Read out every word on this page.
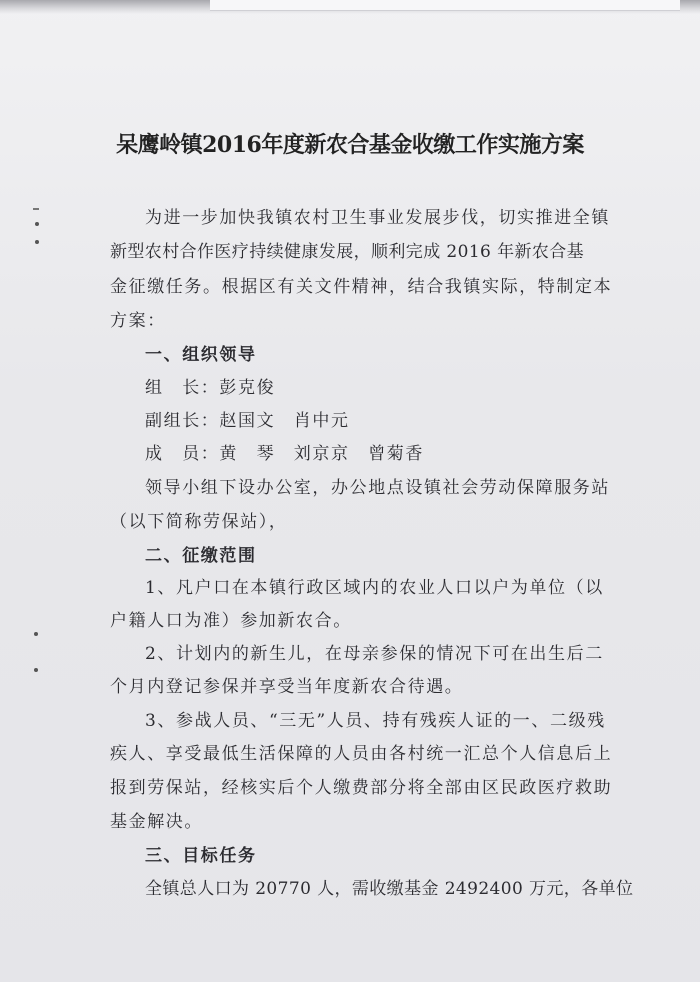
呆鹰岭镇2016年度新农合基金收缴工作实施方案
为进一步加快我镇农村卫生事业发展步伐，切实推进全镇
新型农村合作医疗持续健康发展，顺利完成 2016 年新农合基
金征缴任务。根据区有关文件精神，结合我镇实际，特制定本
方案：
一、组织领导
组　长：彭克俊
副组长：赵国文　肖中元
成　员：黄　琴　刘京京　曾菊香
领导小组下设办公室，办公地点设镇社会劳动保障服务站
（以下简称劳保站），
二、征缴范围
1、凡户口在本镇行政区域内的农业人口以户为单位（以
户籍人口为准）参加新农合。
2、计划内的新生儿，在母亲参保的情况下可在出生后二
个月内登记参保并享受当年度新农合待遇。
3、参战人员、“三无”人员、持有残疾人证的一、二级残
疾人、享受最低生活保障的人员由各村统一汇总个人信息后上
报到劳保站，经核实后个人缴费部分将全部由区民政医疗救助
基金解决。
三、目标任务
全镇总人口为 20770 人，需收缴基金 2492400 万元，各单位
